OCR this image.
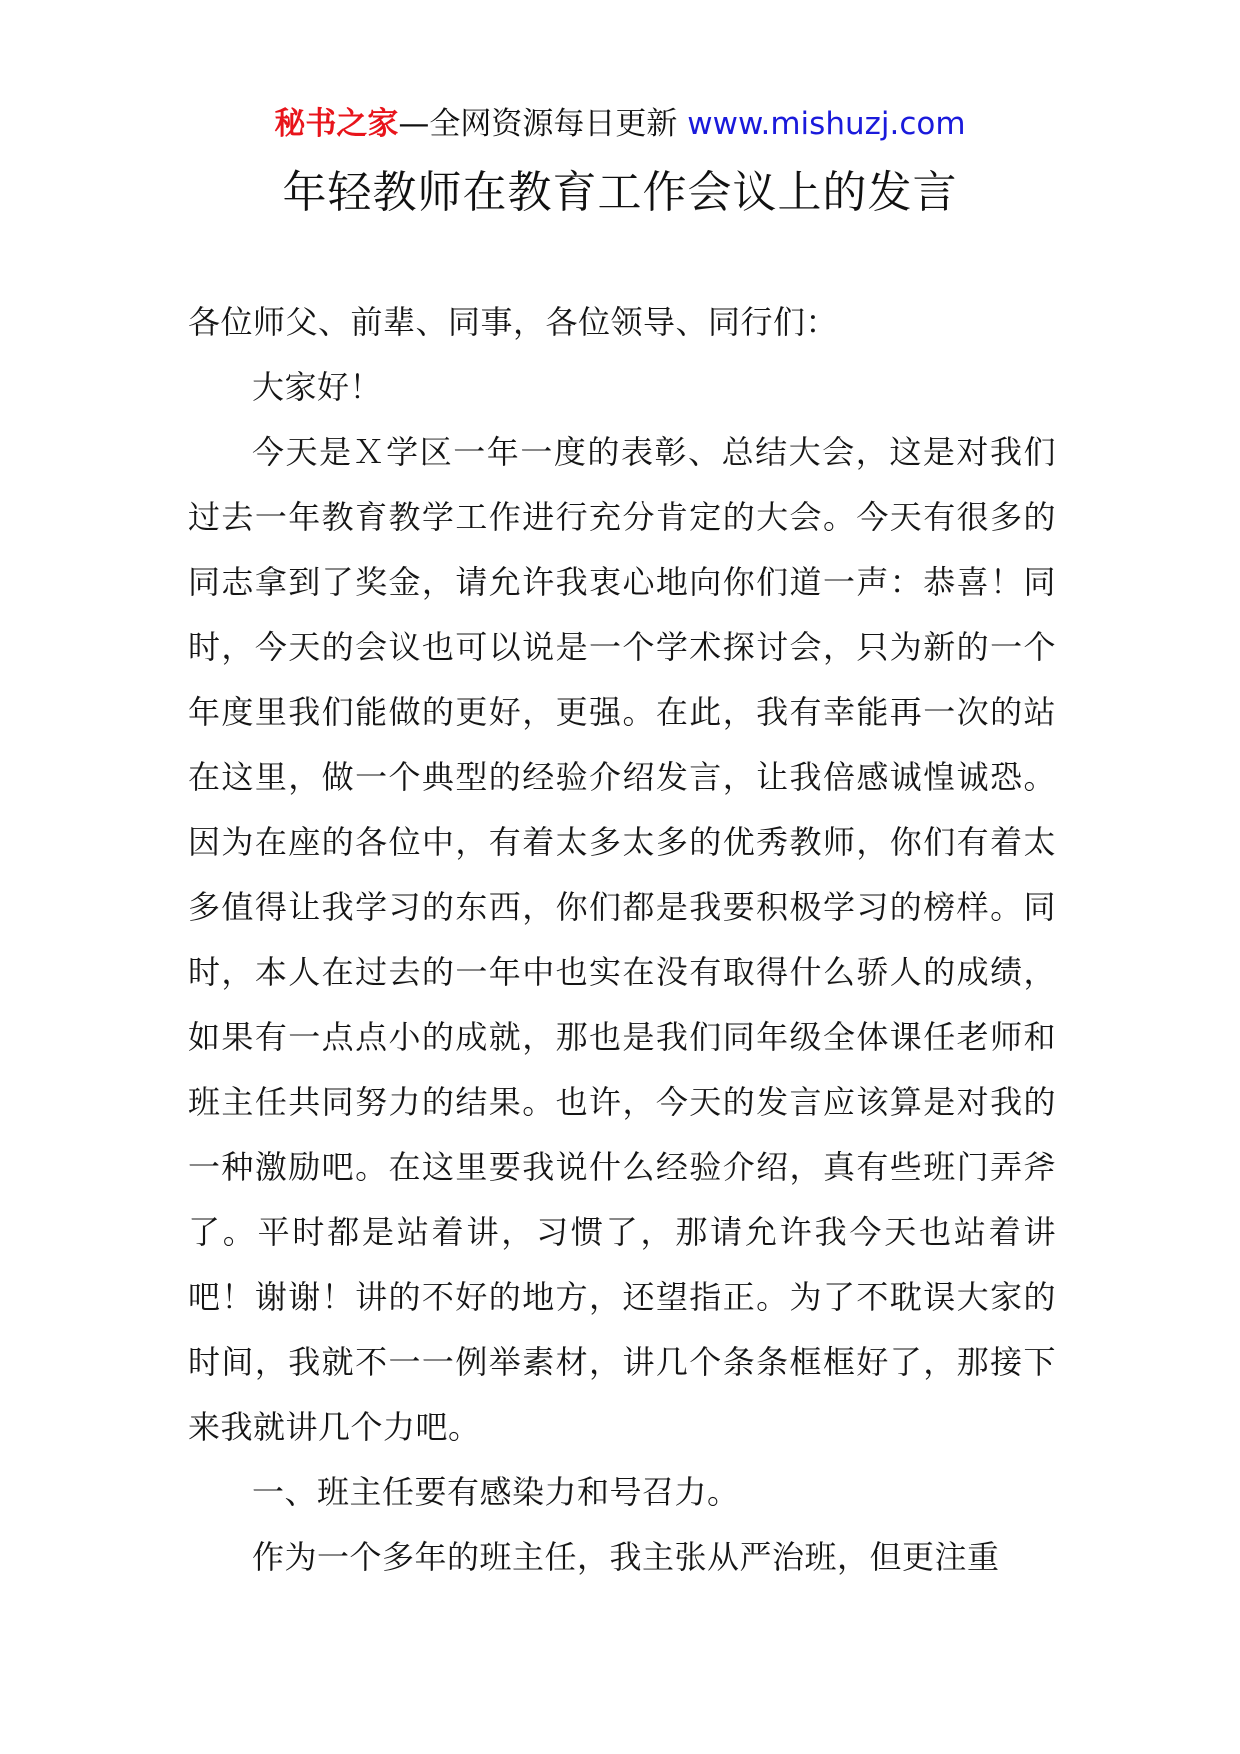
秘书之家—全网资源每日更新 www.mishuzj.com
年轻教师在教育工作会议上的发言

各位师父、前辈、同事，各位领导、同行们：

大家好！

今天是Ｘ学区一年一度的表彰、总结大会，这是对我们过去一年教育教学工作进行充分肯定的大会。今天有很多的同志拿到了奖金，请允许我衷心地向你们道一声：恭喜！同时，今天的会议也可以说是一个学术探讨会，只为新的一个年度里我们能做的更好，更强。在此，我有幸能再一次的站在这里，做一个典型的经验介绍发言，让我倍感诚惶诚恐。因为在座的各位中，有着太多太多的优秀教师，你们有着太多值得让我学习的东西，你们都是我要积极学习的榜样。同时，本人在过去的一年中也实在没有取得什么骄人的成绩，如果有一点点小的成就，那也是我们同年级全体课任老师和班主任共同努力的结果。也许，今天的发言应该算是对我的一种激励吧。在这里要我说什么经验介绍，真有些班门弄斧了。平时都是站着讲，习惯了，那请允许我今天也站着讲吧！谢谢！讲的不好的地方，还望指正。为了不耽误大家的时间，我就不一一例举素材，讲几个条条框框好了，那接下来我就讲几个力吧。

一、班主任要有感染力和号召力。

作为一个多年的班主任，我主张从严治班，但更注重
